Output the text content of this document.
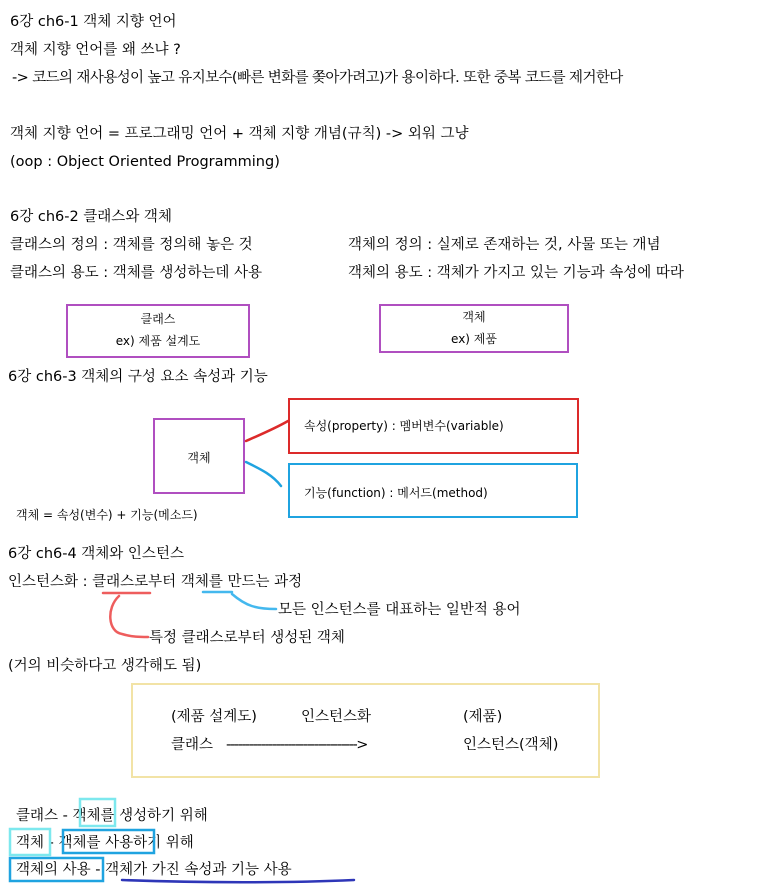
6강 ch6-1 객체 지향 언어
객체 지향 언어를 왜 쓰냐 ?
-> 코드의 재사용성이 높고 유지보수(빠른 변화를 쫒아가려고)가 용이하다. 또한 중복 코드를 제거한다
객체 지향 언어 = 프로그래밍 언어 + 객체 지향 개념(규칙) -> 외워 그냥
(oop : Object Oriented Programming)
6강 ch6-2 클래스와 객체
클래스의 정의 : 객체를 정의해 놓은 것	객체의 정의 : 실제로 존재하는 것, 사물 또는 개념
클래스의 용도 : 객체를 생성하는데 사용	객체의 용도 : 객체가 가지고 있는 기능과 속성에 따라
클래스
ex) 제품 설계도
객체
ex) 제품
6강 ch6-3 객체의 구성 요소 속성과 기능
객체
속성(property) : 멤버변수(variable)
기능(function) : 메서드(method)
객체 = 속성(변수) + 기능(메소드)
6강 ch6-4 객체와 인스턴스
인스턴스화 : 클래스로부터 객체를 만드는 과정
모든 인스턴스를 대표하는 일반적 용어
특정 클래스로부터 생성된 객체
(거의 비슷하다고 생각해도 됨)
(제품 설계도)	인스턴스화	(제품)
클래스 ---------------------------------->	인스턴스(객체)
클래스 - 객체를 생성하기 위해
객체 - 객체를 사용하기 위해
객체의 사용 - 객체가 가진 속성과 기능 사용
